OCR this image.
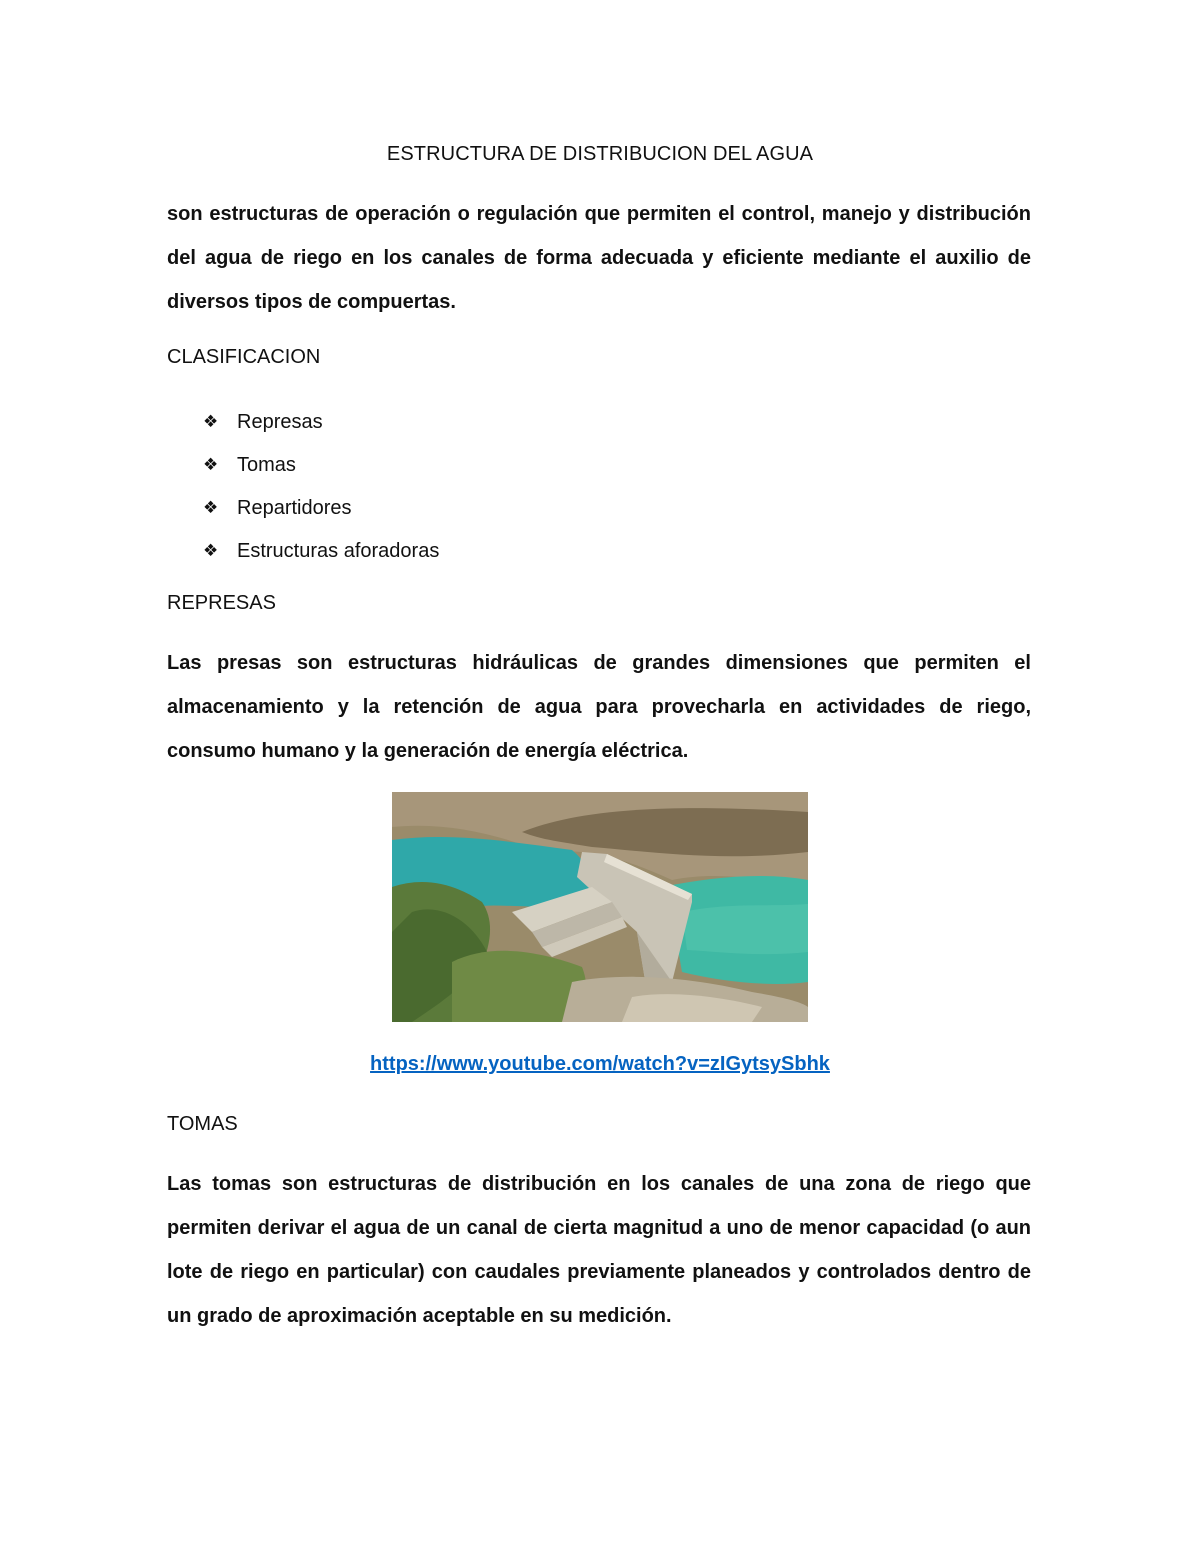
ESTRUCTURA DE DISTRIBUCION DEL AGUA

son estructuras de operación o regulación que permiten el control, manejo y distribución del agua de riego en los canales de forma adecuada y eficiente mediante el auxilio de diversos tipos de compuertas.

CLASIFICACION
❖ Represas
❖ Tomas
❖ Repartidores
❖ Estructuras aforadoras
REPRESAS

Las presas son estructuras hidráulicas de grandes dimensiones que permiten el almacenamiento y la retención de agua para provecharla en actividades de riego, consumo humano y la generación de energía eléctrica.

https://www.youtube.com/watch?v=zIGytsySbhk
TOMAS

Las tomas son estructuras de distribución en los canales de una zona de riego que permiten derivar el agua de un canal de cierta magnitud a uno de menor capacidad (o aun lote de riego en particular) con caudales previamente planeados y controlados dentro de un grado de aproximación aceptable en su medición.
